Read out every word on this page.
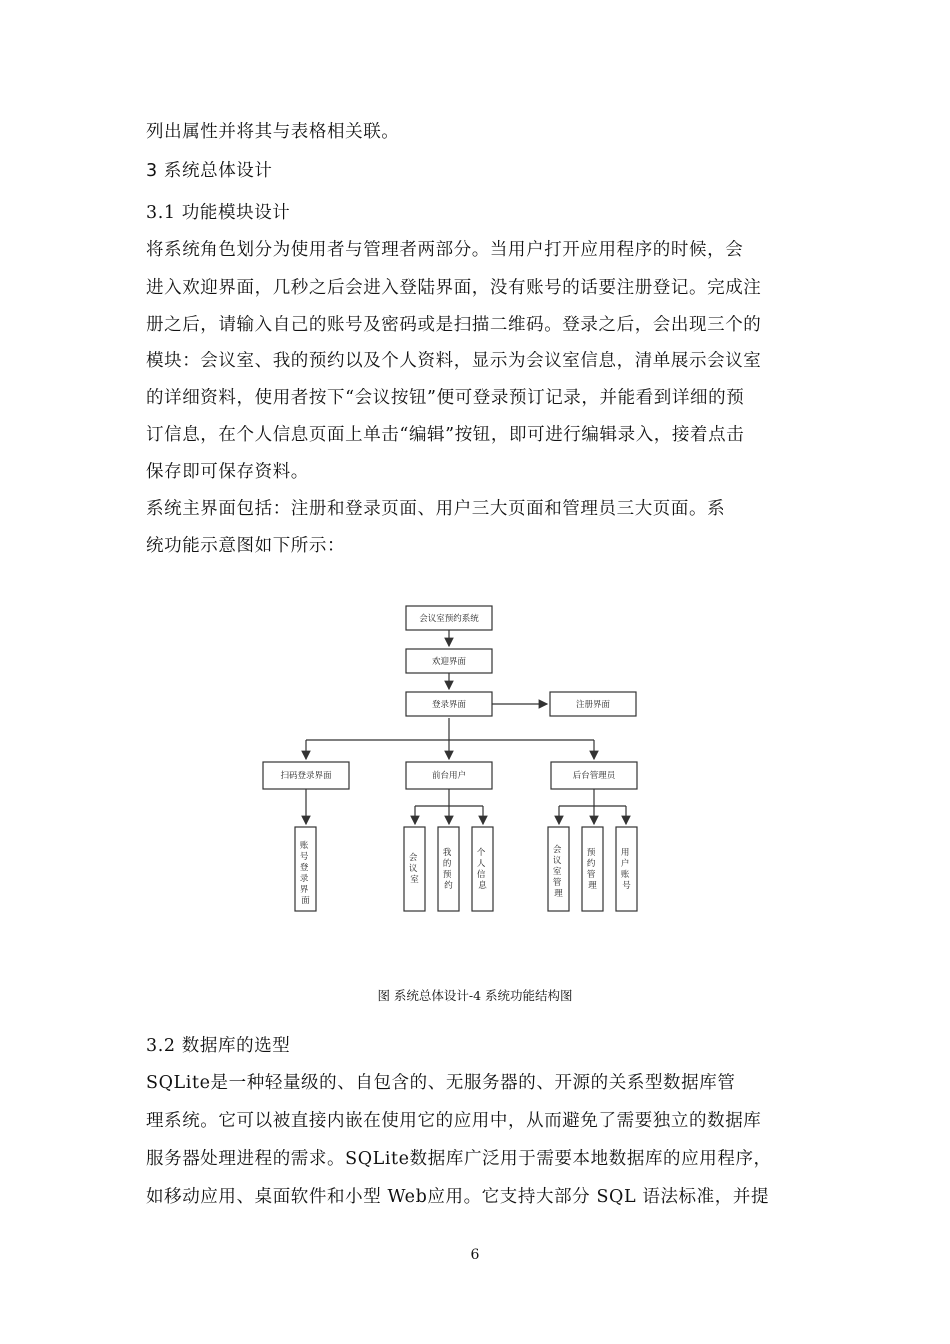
列出属性并将其与表格相关联。
3 系统总体设计
3.1 功能模块设计
将系统角色划分为使用者与管理者两部分。当用户打开应用程序的时候，会
进入欢迎界面，几秒之后会进入登陆界面，没有账号的话要注册登记。完成注
册之后，请输入自己的账号及密码或是扫描二维码。登录之后，会出现三个的
模块：会议室、我的预约以及个人资料，显示为会议室信息，清单展示会议室
的详细资料，使用者按下“会议按钮”便可登录预订记录，并能看到详细的预
订信息，在个人信息页面上单击“编辑”按钮，即可进行编辑录入，接着点击
保存即可保存资料。
系统主界面包括：注册和登录页面、用户三大页面和管理员三大页面。系
统功能示意图如下所示：
会议室预约系统
欢迎界面
登录界面	注册界面
扫码登录界面	前台用户	后台管理员
账 号 登 录 界 面
会 议 室
我 的 预 约
个 人 信 息
会 议 室 管 理
预 约 管 理
用 户 账 号
图 系统总体设计-4 系统功能结构图
3.2 数据库的选型
SQLite是一种轻量级的、自包含的、无服务器的、开源的关系型数据库管
理系统。它可以被直接内嵌在使用它的应用中，从而避免了需要独立的数据库
服务器处理进程的需求。SQLite数据库广泛用于需要本地数据库的应用程序，
如移动应用、桌面软件和小型 Web应用。它支持大部分 SQL 语法标准，并提
6
